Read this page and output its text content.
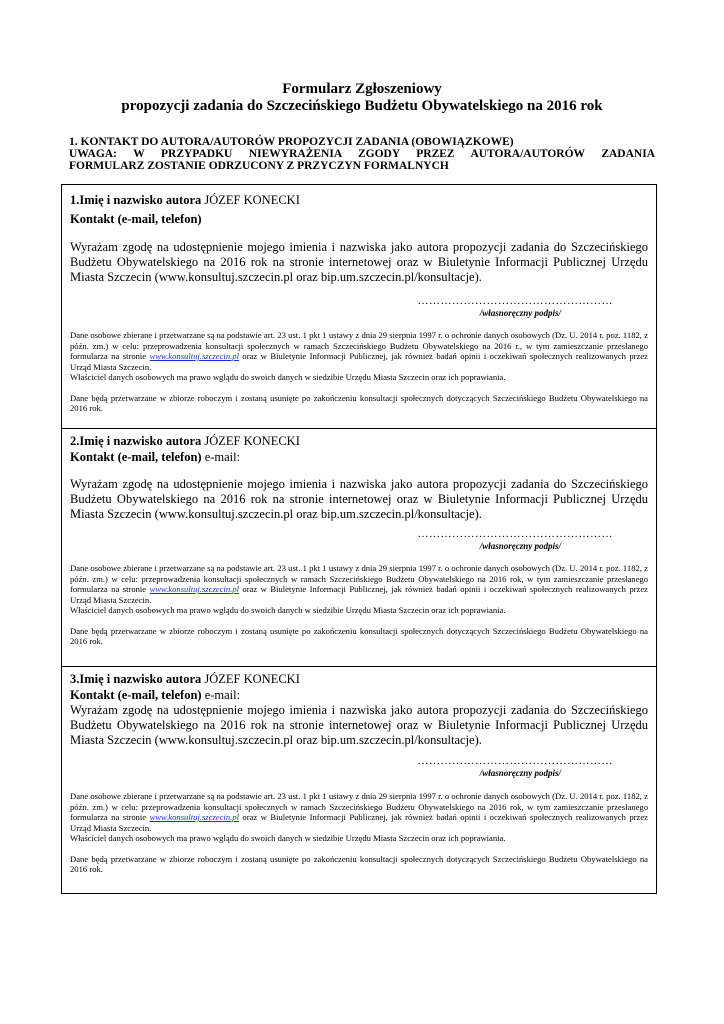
Formularz Zgłoszeniowy
propozycji zadania do Szczecińskiego Budżetu Obywatelskiego na 2016 rok
1. KONTAKT DO AUTORA/AUTORÓW PROPOZYCJI ZADANIA (OBOWIĄZKOWE)
UWAGA: W PRZYPADKU NIEWYRAŻENIA ZGODY PRZEZ AUTORA/AUTORÓW ZADANIA
FORMULARZ ZOSTANIE ODRZUCONY Z PRZYCZYN FORMALNYCH
1.Imię i nazwisko autora JÓZEF KONECKI
Kontakt (e-mail, telefon)
Wyrażam zgodę na udostępnienie mojego imienia i nazwiska jako autora propozycji zadania do Szczecińskiego Budżetu Obywatelskiego na 2016 rok na stronie internetowej oraz w Biuletynie Informacji Publicznej Urzędu Miasta Szczecin (www.konsultuj.szczecin.pl oraz bip.um.szczecin.pl/konsultacje).
……………………………………………
/własnoręczny podpis/
Dane osobowe zbierane i przetwarzane są na podstawie art. 23 ust. 1 pkt 1 ustawy z dnia 29 sierpnia 1997 r. o ochronie danych osobowych (Dz. U. 2014 r. poz. 1182, z późn. zm.) w celu: przeprowadzenia konsultacji społecznych w ramach Szczecińskiego Budżetu Obywatelskiego na 2016 r., w tym zamieszczanie przesłanego formularza na stronie www.konsultuj.szczecin.pl oraz w Biuletynie Informacji Publicznej, jak również badań opinii i oczekiwań społecznych realizowanych przez Urząd Miasta Szczecin.
Właściciel danych osobowych ma prawo wglądu do swoich danych w siedzibie Urzędu Miasta Szczecin oraz ich poprawiania.
Dane będą przetwarzane w zbiorze roboczym i zostaną usunięte po zakończeniu konsultacji społecznych dotyczących Szczecińskiego Budżetu Obywatelskiego na 2016 rok.
2.Imię i nazwisko autora JÓZEF KONECKI
Kontakt (e-mail, telefon) e-mail:
Wyrażam zgodę na udostępnienie mojego imienia i nazwiska jako autora propozycji zadania do Szczecińskiego Budżetu Obywatelskiego na 2016 rok na stronie internetowej oraz w Biuletynie Informacji Publicznej Urzędu Miasta Szczecin (www.konsultuj.szczecin.pl oraz bip.um.szczecin.pl/konsultacje).
……………………………………………
/własnoręczny podpis/
Dane osobowe zbierane i przetwarzane są na podstawie art. 23 ust. 1 pkt 1 ustawy z dnia 29 sierpnia 1997 r. o ochronie danych osobowych (Dz. U. 2014 r. poz. 1182, z późn. zm.) w celu: przeprowadzenia konsultacji społecznych w ramach Szczecińskiego Budżetu Obywatelskiego na 2016 rok, w tym zamieszczanie przesłanego formularza na stronie www.konsultuj.szczecin.pl oraz w Biuletynie Informacji Publicznej, jak również badań opinii i oczekiwań społecznych realizowanych przez Urząd Miasta Szczecin.
Właściciel danych osobowych ma prawo wglądu do swoich danych w siedzibie Urzędu Miasta Szczecin oraz ich poprawiania.
Dane będą przetwarzane w zbiorze roboczym i zostaną usunięte po zakończeniu konsultacji społecznych dotyczących Szczecińskiego Budżetu Obywatelskiego na 2016 rok.
3.Imię i nazwisko autora JÓZEF KONECKI
Kontakt (e-mail, telefon) e-mail:
Wyrażam zgodę na udostępnienie mojego imienia i nazwiska jako autora propozycji zadania do Szczecińskiego Budżetu Obywatelskiego na 2016 rok na stronie internetowej oraz w Biuletynie Informacji Publicznej Urzędu Miasta Szczecin (www.konsultuj.szczecin.pl oraz bip.um.szczecin.pl/konsultacje).
……………………………………………
/własnoręczny podpis/
Dane osobowe zbierane i przetwarzane są na podstawie art. 23 ust. 1 pkt 1 ustawy z dnia 29 sierpnia 1997 r. o ochronie danych osobowych (Dz. U. 2014 r. poz. 1182, z późn. zm.) w celu: przeprowadzenia konsultacji społecznych w ramach Szczecińskiego Budżetu Obywatelskiego na 2016 rok, w tym zamieszczanie przesłanego formularza na stronie www.konsultuj.szczecin.pl oraz w Biuletynie Informacji Publicznej, jak również badań opinii i oczekiwań społecznych realizowanych przez Urząd Miasta Szczecin.
Właściciel danych osobowych ma prawo wglądu do swoich danych w siedzibie Urzędu Miasta Szczecin oraz ich poprawiania.
Dane będą przetwarzane w zbiorze roboczym i zostaną usunięte po zakończeniu konsultacji społecznych dotyczących Szczecińskiego Budżetu Obywatelskiego na 2016 rok.
